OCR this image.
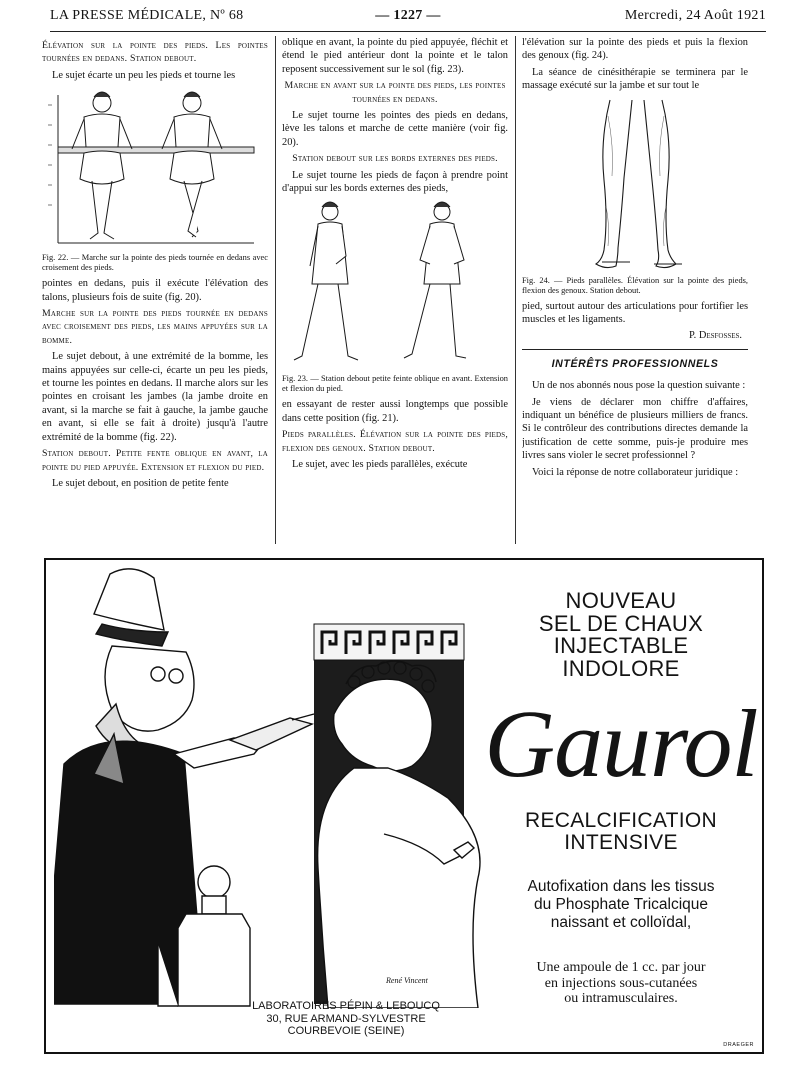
LA PRESSE MÉDICALE, Nº 68	— 1227 —	Mercredi, 24 Août 1921
Élévation sur la pointe des pieds. Les pointes tournées en dedans. Station debout.

Le sujet écarte un peu les pieds et tourne les

Fig. 22. — Marche sur la pointe des pieds tournée en dedans avec croisement des pieds.

pointes en dedans, puis il exécute l'élévation des talons, plusieurs fois de suite (fig. 20).

Marche sur la pointe des pieds tournée en dedans avec croisement des pieds, les mains appuyées sur la bomme.

Le sujet debout, à une extrémité de la bomme, les mains appuyées sur celle-ci, écarte un peu les pieds, et tourne les pointes en dedans. Il marche alors sur les pointes en croisant les jambes (la jambe droite en avant, si la marche se fait à gauche, la jambe gauche en avant, si elle se fait à droite) jusqu'à l'autre extrémité de la bomme (fig. 22).

Station debout. Petite fente oblique en avant, la pointe du pied appuyée. Extension et flexion du pied.

Le sujet debout, en position de petite fente

oblique en avant, la pointe du pied appuyée, fléchit et étend le pied antérieur dont la pointe et le talon reposent successivement sur le sol (fig. 23).

Marche en avant sur la pointe des pieds, les pointes tournées en dedans.

Le sujet tourne les pointes des pieds en dedans, lève les talons et marche de cette manière (voir fig. 20).

Station debout sur les bords externes des pieds.

Le sujet tourne les pieds de façon à prendre point d'appui sur les bords externes des pieds,

Fig. 23. — Station debout petite feinte oblique en avant. Extension et flexion du pied.

en essayant de rester aussi longtemps que possible dans cette position (fig. 21).

Pieds parallèles. Élévation sur la pointe des pieds, flexion des genoux. Station debout.

Le sujet, avec les pieds parallèles, exécute

l'élévation sur la pointe des pieds et puis la flexion des genoux (fig. 24).

La séance de cinésithérapie se terminera par le massage exécuté sur la jambe et sur tout le

Fig. 24. — Pieds parallèles. Élévation sur la pointe des pieds, flexion des genoux. Station debout.

pied, surtout autour des articulations pour fortifier les muscles et les ligaments.

P. Desfosses.
INTÉRÊTS PROFESSIONNELS

Un de nos abonnés nous pose la question suivante :

Je viens de déclarer mon chiffre d'affaires, indiquant un bénéfice de plusieurs milliers de francs. Si le contrôleur des contributions directes demande la justification de cette somme, puis-je produire mes livres sans violer le secret professionnel ?

Voici la réponse de notre collaborateur juridique :

LABORATOIRES PÉPIN & LEBOUCQ
30, RUE ARMAND-SYLVESTRE
COURBEVOIE (SEINE)
René Vincent
NOUVEAU
SEL DE CHAUX
INJECTABLE
INDOLORE
Gaurol
RECALCIFICATION
INTENSIVE
Autofixation dans les tissus
du Phosphate Tricalcique
naissant et colloïdal,
Une ampoule de 1 cc. par jour
en injections sous-cutanées
ou intramusculaires.
DRAEGER
